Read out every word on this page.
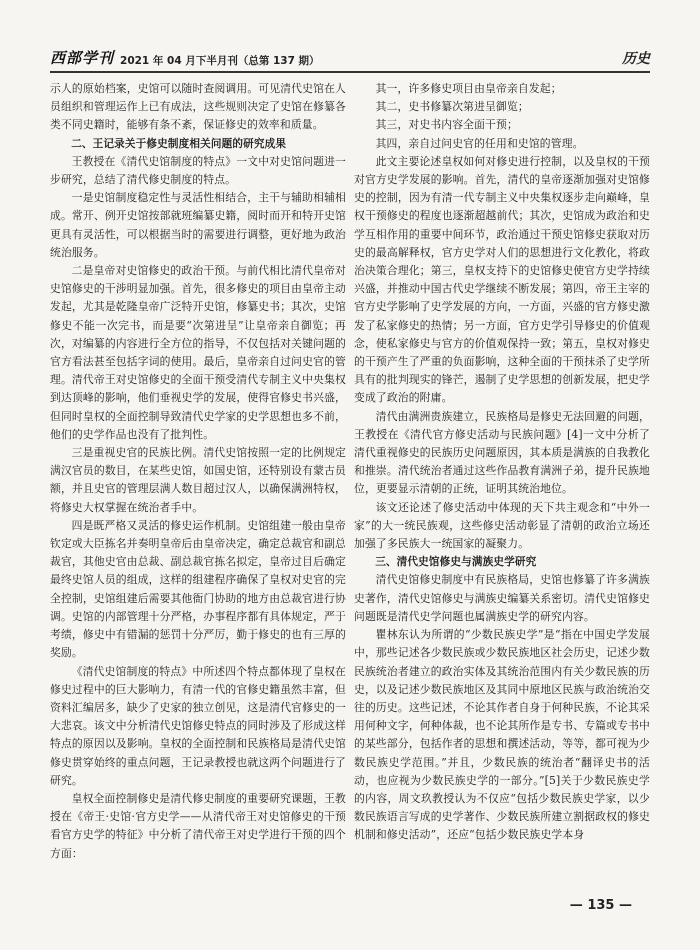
西部学刊 2021 年 04 月下半月刊（总第 137 期）	历史

示人的原始档案，史馆可以随时查阅调用。可见清代史馆在人员组织和管理运作上已有成法，这些规则决定了史馆在修纂各类不同史籍时，能够有条不紊，保证修史的效率和质量。

二、王记录关于修史制度相关问题的研究成果

王教授在《清代史馆制度的特点》一文中对史馆问题进一步研究，总结了清代修史制度的特点。

一是史馆制度稳定性与灵活性相结合，主干与辅助相辅相成。常开、例开史馆按部就班编纂史籍，阅时而开和特开史馆更具有灵活性，可以根据当时的需要进行调整，更好地为政治统治服务。

二是皇帝对史馆修史的政治干预。与前代相比清代皇帝对史馆修史的干涉明显加强。首先，很多修史的项目由皇帝主动发起，尤其是乾隆皇帝广泛特开史馆，修纂史书；其次，史馆修史不能一次完书，而是要“次第进呈”让皇帝亲自御览；再次，对编纂的内容进行全方位的指导，不仅包括对关键问题的官方看法甚至包括字词的使用。最后，皇帝亲自过问史官的管理。清代帝王对史馆修史的全面干预受清代专制主义中央集权到达顶峰的影响，他们垂视史学的发展，使得官修史书兴盛，但同时皇权的全面控制导致清代史学家的史学思想也多不前，他们的史学作品也没有了批判性。

三是重视史官的民族比例。清代史馆按照一定的比例规定满汉官员的数目，在某些史馆，如国史馆，还特别设有蒙古员额，并且史官的管理层满人数目超过汉人，以确保满洲特权，将修史大权掌握在统治者手中。

四是既严格又灵活的修史运作机制。史馆组建一般由皇帝钦定或大臣拣名并奏明皇帝后由皇帝决定，确定总裁官和副总裁官，其他史官由总裁、副总裁官拣名拟定，皇帝过目后确定最终史馆人员的组成，这样的组建程序确保了皇权对史官的完全控制，史馆组建后需要其他衙门协助的地方由总裁官进行协调。史馆的内部管理十分严格，办事程序都有具体规定，严于考绩，修史中有错漏的惩罚十分严厉，勤于修史的也有三厚的奖励。

《清代史馆制度的特点》中所述四个特点都体现了皇权在修史过程中的巨大影响力，有清一代的官修史籍虽然丰富，但资料汇编居多，缺少了史家的独立创见，这是清代官修史的一大悲哀。该文中分析清代史馆修史特点的同时涉及了形成这样特点的原因以及影响。皇权的全面控制和民族格局是清代史馆修史贯穿始终的重点问题，王记录教授也就这两个问题进行了研究。

皇权全面控制修史是清代修史制度的重要研究课题，王教授在《帝王·史馆·官方史学——从清代帝王对史馆修史的干预看官方史学的特征》中分析了清代帝王对史学进行干预的四个方面：

其一，许多修史项目由皇帝亲自发起；

其二，史书修纂次第进呈御览；

其三，对史书内容全面干预；

其四，亲自过问史官的任用和史馆的管理。

此文主要论述皇权如何对修史进行控制，以及皇权的干预对官方史学发展的影响。首先，清代的皇帝逐渐加强对史馆修史的控制，因为有清一代专制主义中央集权逐步走向巅峰，皇权干预修史的程度也逐渐超越前代；其次，史馆成为政治和史学互相作用的重要中间环节，政治通过干预史馆修史获取对历史的最高解释权，官方史学对人们的思想进行文化教化，将政治决策合理化；第三，皇权支持下的史馆修史使官方史学持续兴盛，并推动中国古代史学继续不断发展；第四，帝王主宰的官方史学影响了史学发展的方向，一方面，兴盛的官方修史激发了私家修史的热情；另一方面，官方史学引导修史的价值观念，使私家修史与官方的价值观保持一致；第五，皇权对修史的干预产生了严重的负面影响，这种全面的干预抹杀了史学所具有的批判现实的锋芒，遏制了史学思想的创新发展，把史学变成了政治的附庸。

清代由满洲贵族建立，民族格局是修史无法回避的问题，王教授在《清代官方修史活动与民族问题》[4]一文中分析了清代重视修史的民族历史问题原因，其本质是满族的自我教化和推崇。清代统治者通过这些作品教育满洲子弟，提升民族地位，更要显示清朝的正统，证明其统治地位。

该文还论述了修史活动中体现的天下共主观念和“中外一家”的大一统民族观，这些修史活动彰显了清朝的政治立场还加强了多民族大一统国家的凝聚力。

三、清代史馆修史与满族史学研究

清代史馆修史制度中有民族格局，史馆也修纂了许多满族史著作，清代史馆修史与满族史编纂关系密切。清代史馆修史问题既是清代史学问题也属满族史学的研究内容。

瞿林东认为所谓的“少数民族史学”是“指在中国史学发展中，那些记述各少数民族或少数民族地区社会历史，记述少数民族统治者建立的政治实体及其统治范围内有关少数民族的历史，以及记述少数民族地区及其同中原地区民族与政治统治交往的历史。这些记述，不论其作者自身于何种民族，不论其采用何种文字，何种体裁，也不论其所作是专书、专篇或专书中的某些部分，包括作者的思想和撰述活动，等等，都可视为少数民族史学范围。”并且，少数民族的统治者“翻译史书的活动，也应视为少数民族史学的一部分。”[5]关于少数民族史学的内容，周文玖教授认为不仅应“包括少数民族史学家，以少数民族语言写成的史学著作、少数民族所建立割据政权的修史机制和修史活动”，还应“包括少数民族史学本身

— 135 —
